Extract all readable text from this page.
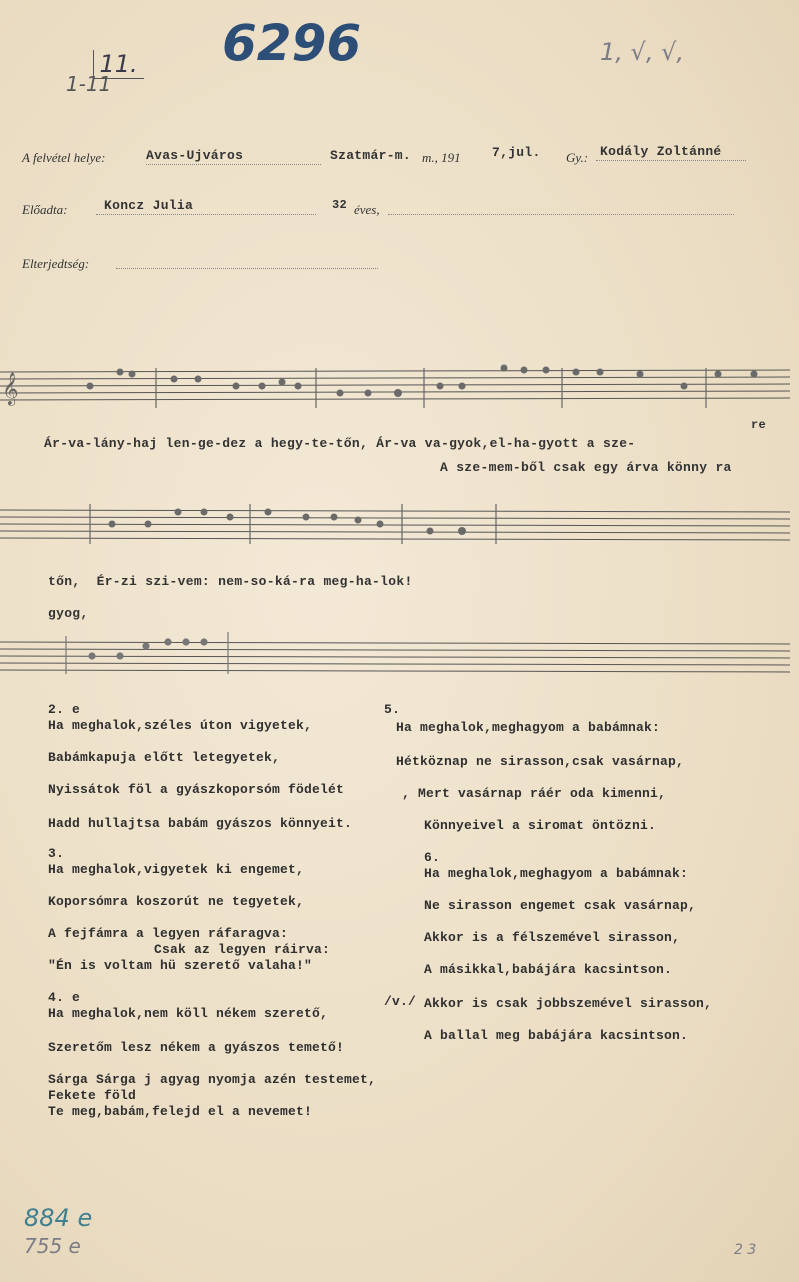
11.

1-11
6296	1, √, √,
A felvétel helye:	Avas-Ujváros	Szatmár-m. m., 191 7,jul. Gy.: Kodály Zoltánné
Előadta:	Koncz Julia	32 éves,
Elterjedtség:
𝄞
Ár-va-lány-haj len-ge-dez a hegy-te-tőn, Ár-va va-gyok,el-ha-gyott a sze-
re
A sze-mem-ből csak egy árva könny ra
tőn,  Ér-zi szi-vem: nem-so-ká-ra meg-ha-lok!
gyog,
2. e
Ha meghalok,széles úton vigyetek,
Babámkapuja előtt letegyetek,
Nyissátok föl a gyászkoporsóm födelét
Hadd hullajtsa babám gyászos könnyeit.
5.
Ha meghalok,meghagyom a babámnak:
Hétköznap ne sirasson,csak vasárnap,
, Mert vasárnap ráér oda kimenni,
Könnyeivel a siromat öntözni.
3.
Ha meghalok,vigyetek ki engemet,
Koporsómra koszorút ne tegyetek,
A fejfámra a legyen ráfaragva:
Csak az legyen ráirva:
"Én is voltam hü szerető valaha!"
6.
Ha meghalok,meghagyom a babámnak:
Ne sirasson engemet csak vasárnap,
Akkor is a félszemével sirasson,
A másikkal,babájára kacsintson.
4. e
Ha meghalok,nem köll nékem szerető,
Szeretőm lesz nékem a gyászos temető!
Sárga Sárga j agyag nyomja azén testemet,
Fekete föld
Te meg,babám,felejd el a nevemet!
/v./ Akkor is csak jobbszemével sirasson,
A ballal meg babájára kacsintson.
884 e
755 e	2 3
